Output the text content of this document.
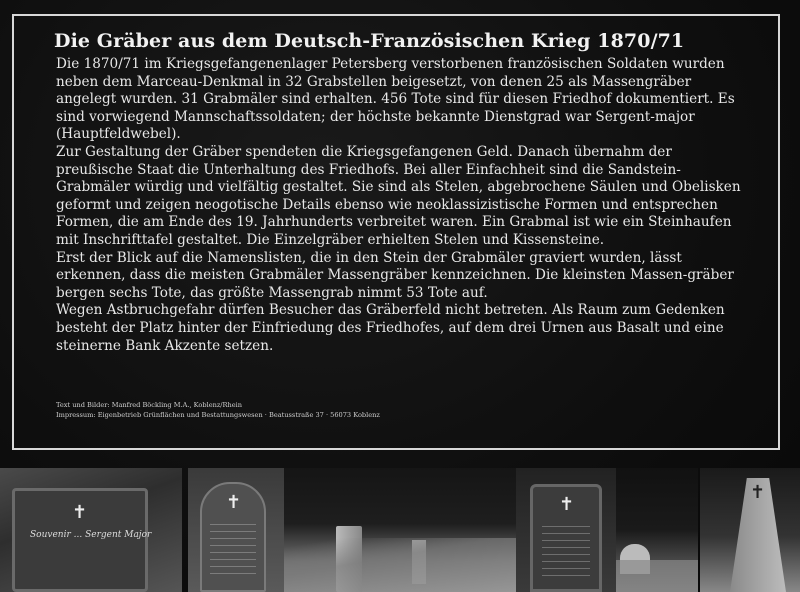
Die Gräber aus dem Deutsch-Französischen Krieg 1870/71

Die 1870/71 im Kriegsgefangenenlager Petersberg verstorbenen französischen Soldaten wurden neben dem Marceau-Denkmal in 32 Grabstellen beigesetzt, von denen 25 als Massengräber angelegt wurden. 31 Grabmäler sind erhalten. 456 Tote sind für diesen Friedhof dokumentiert. Es sind vorwiegend Mannschaftssoldaten; der höchste bekannte Dienstgrad war Sergent-major (Hauptfeldwebel).

Zur Gestaltung der Gräber spendeten die Kriegsgefangenen Geld. Danach übernahm der preußische Staat die Unterhaltung des Friedhofs. Bei aller Einfachheit sind die Sandstein-Grabmäler würdig und vielfältig gestaltet. Sie sind als Stelen, abgebrochene Säulen und Obelisken geformt und zeigen neogotische Details ebenso wie neoklassizistische Formen und entsprechen Formen, die am Ende des 19. Jahrhunderts verbreitet waren. Ein Grabmal ist wie ein Steinhaufen mit Inschrifttafel gestaltet. Die Einzelgräber erhielten Stelen und Kissensteine.

Erst der Blick auf die Namenslisten, die in den Stein der Grabmäler graviert wurden, lässt erkennen, dass die meisten Grabmäler Massengräber kennzeichnen. Die kleinsten Massen-gräber bergen sechs Tote, das größte Massengrab nimmt 53 Tote auf.

Wegen Astbruchgefahr dürfen Besucher das Gräberfeld nicht betreten. Als Raum zum Gedenken besteht der Platz hinter der Einfriedung des Friedhofes, auf dem drei Urnen aus Basalt und eine steinerne Bank Akzente setzen.

Text und Bilder: Manfred Böckling M.A., Koblenz/Rhein
Impressum: Eigenbetrieb Grünflächen und Bestattungswesen · Beatusstraße 37 · 56073 Koblenz
✝
Souvenir ... Sergent Major
✝	✝
✝
